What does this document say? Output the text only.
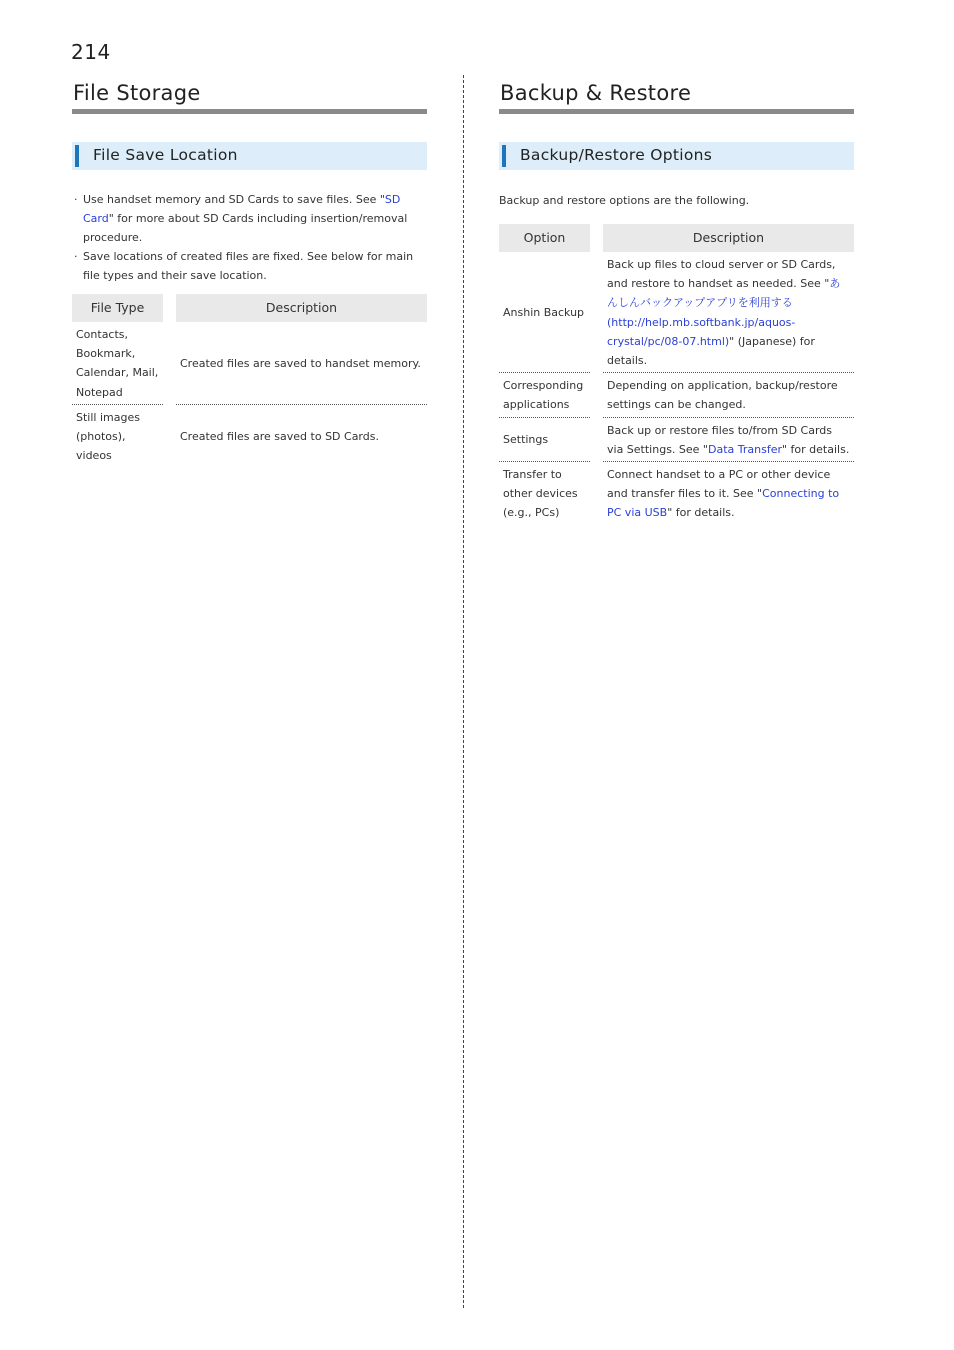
214
File Storage
File Save Location
· Use handset memory and SD Cards to save files. See "SD Card" for more about SD Cards including insertion/removal procedure.
· Save locations of created files are fixed. See below for main file types and their save location.
File Type		Description
Contacts, Bookmark, Calendar, Mail, Notepad		Created files are saved to handset memory.
Still images (photos), videos		Created files are saved to SD Cards.
Backup & Restore
Backup/Restore Options
Backup and restore options are the following.
Option		Description
Anshin Backup		Back up files to cloud server or SD Cards, and restore to handset as needed. See "あんしんバックアップアプリを利用する (http://help.mb.softbank.jp/aquos-crystal/pc/08-07.html)" (Japanese) for details.
Corresponding applications		Depending on application, backup/restore settings can be changed.
Settings		Back up or restore files to/from SD Cards via Settings. See "Data Transfer" for details.
Transfer to other devices (e.g., PCs)		Connect handset to a PC or other device and transfer files to it. See "Connecting to PC via USB" for details.
